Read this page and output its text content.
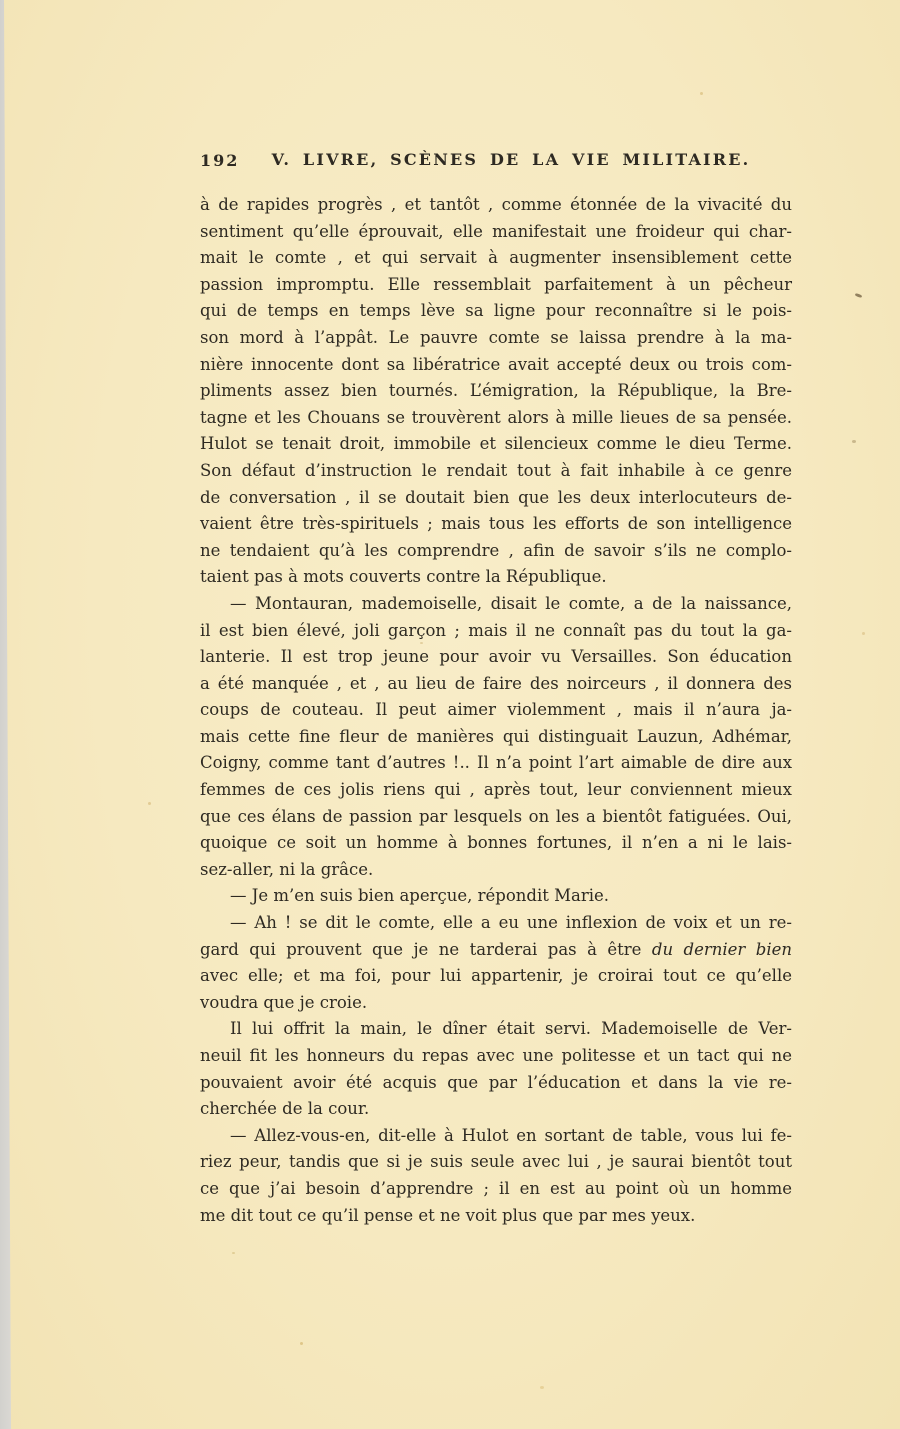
192	V. LIVRE, SCÈNES DE LA VIE MILITAIRE.
à de rapides progrès , et tantôt , comme étonnée de la vivacité du
sentiment qu’elle éprouvait, elle manifestait une froideur qui char-
mait le comte , et qui servait à augmenter insensiblement cette
passion impromptu. Elle ressemblait parfaitement à un pêcheur
qui de temps en temps lève sa ligne pour reconnaître si le pois-
son mord à l’appât. Le pauvre comte se laissa prendre à la ma-
nière innocente dont sa libératrice avait accepté deux ou trois com-
pliments assez bien tournés. L’émigration, la République, la Bre-
tagne et les Chouans se trouvèrent alors à mille lieues de sa pensée.
Hulot se tenait droit, immobile et silencieux comme le dieu Terme.
Son défaut d’instruction le rendait tout à fait inhabile à ce genre
de conversation , il se doutait bien que les deux interlocuteurs de-
vaient être très-spirituels ; mais tous les efforts de son intelligence
ne tendaient qu’à les comprendre , afin de savoir s’ils ne complo-
taient pas à mots couverts contre la République.
— Montauran, mademoiselle, disait le comte, a de la naissance,
il est bien élevé, joli garçon ; mais il ne connaît pas du tout la ga-
lanterie. Il est trop jeune pour avoir vu Versailles. Son éducation
a été manquée , et , au lieu de faire des noirceurs , il donnera des
coups de couteau. Il peut aimer violemment , mais il n’aura ja-
mais cette fine fleur de manières qui distinguait Lauzun, Adhémar,
Coigny, comme tant d’autres !.. Il n’a point l’art aimable de dire aux
femmes de ces jolis riens qui , après tout, leur conviennent mieux
que ces élans de passion par lesquels on les a bientôt fatiguées. Oui,
quoique ce soit un homme à bonnes fortunes, il n’en a ni le lais-
sez-aller, ni la grâce.
— Je m’en suis bien aperçue, répondit Marie.
— Ah ! se dit le comte, elle a eu une inflexion de voix et un re-
gard qui prouvent que je ne tarderai pas à être du dernier bien
avec elle; et ma foi, pour lui appartenir, je croirai tout ce qu’elle
voudra que je croie.
Il lui offrit la main, le dîner était servi. Mademoiselle de Ver-
neuil fit les honneurs du repas avec une politesse et un tact qui ne
pouvaient avoir été acquis que par l’éducation et dans la vie re-
cherchée de la cour.
— Allez-vous-en, dit-elle à Hulot en sortant de table, vous lui fe-
riez peur, tandis que si je suis seule avec lui , je saurai bientôt tout
ce que j’ai besoin d’apprendre ; il en est au point où un homme
me dit tout ce qu’il pense et ne voit plus que par mes yeux.
